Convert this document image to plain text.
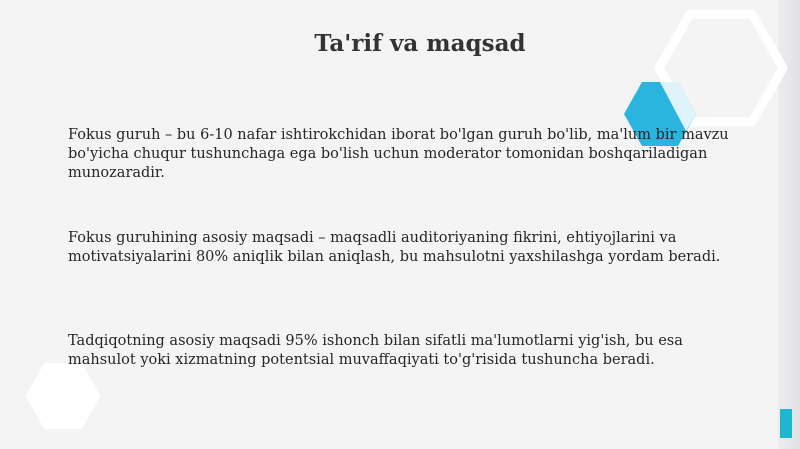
Ta'rif va maqsad
Fokus guruh – bu 6-10 nafar ishtirokchidan iborat bo'lgan guruh bo'lib, ma'lum bir mavzu bo'yicha chuqur tushunchaga ega bo'lish uchun moderator tomonidan boshqariladigan munozaradir.
Fokus guruhining asosiy maqsadi – maqsadli auditoriyaning fikrini, ehtiyojlarini va motivatsiyalarini 80% aniqlik bilan aniqlash, bu mahsulotni yaxshilashga yordam beradi.
Tadqiqotning asosiy maqsadi 95% ishonch bilan sifatli ma'lumotlarni yig'ish, bu esa mahsulot yoki xizmatning potentsial muvaffaqiyati to'g'risida tushuncha beradi.
